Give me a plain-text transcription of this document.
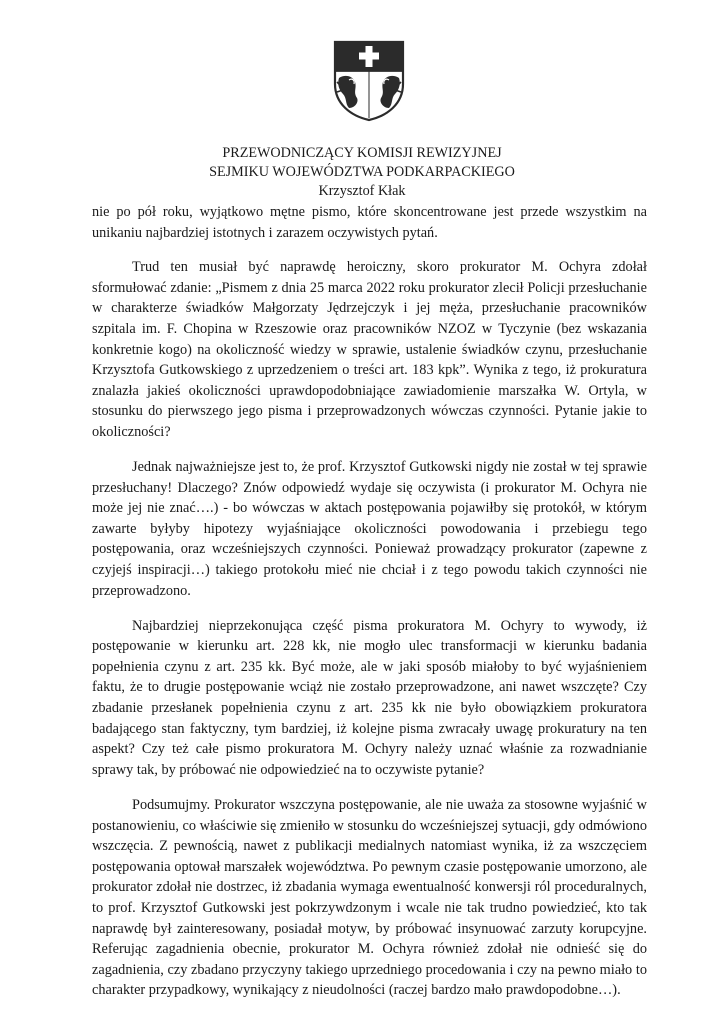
PRZEWODNICZĄCY KOMISJI REWIZYJNEJ
SEJMIKU WOJEWÓDZTWA PODKARPACKIEGO
Krzysztof Kłak

nie po pół roku, wyjątkowo mętne pismo, które skoncentrowane jest przede wszystkim na unikaniu najbardziej istotnych i zarazem oczywistych pytań.

Trud ten musiał być naprawdę heroiczny, skoro prokurator M. Ochyra zdołał sformułować zdanie: „Pismem z dnia 25 marca 2022 roku prokurator zlecił Policji przesłuchanie w charakterze świadków Małgorzaty Jędrzejczyk i jej męża, przesłuchanie pracowników szpitala im. F. Chopina w Rzeszowie oraz pracowników NZOZ w Tyczynie (bez wskazania konkretnie kogo) na okoliczność wiedzy w sprawie, ustalenie świadków czynu, przesłuchanie Krzysztofa Gutkowskiego z uprzedzeniem o treści art. 183 kpk”. Wynika z tego, iż prokuratura znalazła jakieś okoliczności uprawdopodobniające zawiadomienie marszałka W. Ortyla, w stosunku do pierwszego jego pisma i przeprowadzonych wówczas czynności. Pytanie jakie to okoliczności?

Jednak najważniejsze jest to, że prof. Krzysztof Gutkowski nigdy nie został w tej sprawie przesłuchany! Dlaczego? Znów odpowiedź wydaje się oczywista (i prokurator M. Ochyra nie może jej nie znać….) - bo wówczas w aktach postępowania pojawiłby się protokół, w którym zawarte byłyby hipotezy wyjaśniające okoliczności powodowania i przebiegu tego postępowania, oraz wcześniejszych czynności. Ponieważ prowadzący prokurator (zapewne z czyjejś inspiracji…) takiego protokołu mieć nie chciał i z tego powodu takich czynności nie przeprowadzono.

Najbardziej nieprzekonująca część pisma prokuratora M. Ochyry to wywody, iż postępowanie w kierunku art. 228 kk, nie mogło ulec transformacji w kierunku badania popełnienia czynu z art. 235 kk. Być może, ale w jaki sposób miałoby to być wyjaśnieniem faktu, że to drugie postępowanie wciąż nie zostało przeprowadzone, ani nawet wszczęte? Czy zbadanie przesłanek popełnienia czynu z art. 235 kk nie było obowiązkiem prokuratora badającego stan faktyczny, tym bardziej, iż kolejne pisma zwracały uwagę prokuratury na ten aspekt? Czy też całe pismo prokuratora M. Ochyry należy uznać właśnie za rozwadnianie sprawy tak, by próbować nie odpowiedzieć na to oczywiste pytanie?

Podsumujmy. Prokurator wszczyna postępowanie, ale nie uważa za stosowne wyjaśnić w postanowieniu, co właściwie się zmieniło w stosunku do wcześniejszej sytuacji, gdy odmówiono wszczęcia. Z pewnością, nawet z publikacji medialnych natomiast wynika, iż za wszczęciem postępowania optował marszałek województwa. Po pewnym czasie postępowanie umorzono, ale prokurator zdołał nie dostrzec, iż zbadania wymaga ewentualność konwersji ról proceduralnych, to prof. Krzysztof Gutkowski jest pokrzywdzonym i wcale nie tak trudno powiedzieć, kto tak naprawdę był zainteresowany, posiadał motyw, by próbować insynuować zarzuty korupcyjne. Referując zagadnienia obecnie, prokurator M. Ochyra również zdołał nie odnieść się do zagadnienia, czy zbadano przyczyny takiego uprzedniego procedowania i czy na pewno miało to charakter przypadkowy, wynikający z nieudolności (raczej bardzo mało prawdopodobne…).
